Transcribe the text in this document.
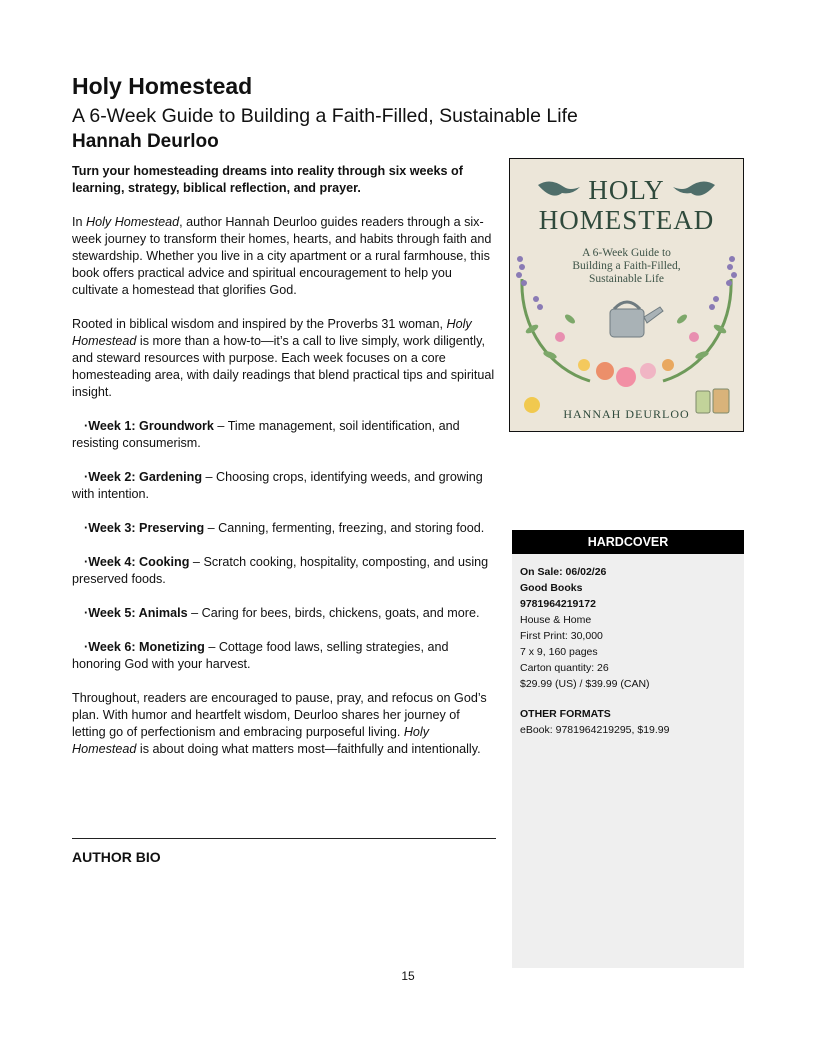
Holy Homestead
A 6-Week Guide to Building a Faith-Filled, Sustainable Life
Hannah Deurloo

Turn your homesteading dreams into reality through six weeks of learning, strategy, biblical reflection, and prayer.

In Holy Homestead, author Hannah Deurloo guides readers through a six-week journey to transform their homes, hearts, and habits through faith and stewardship. Whether you live in a city apartment or a rural farmhouse, this book offers practical advice and spiritual encouragement to help you cultivate a homestead that glorifies God.

Rooted in biblical wisdom and inspired by the Proverbs 31 woman, Holy Homestead is more than a how-to—it’s a call to live simply, work diligently, and steward resources with purpose. Each week focuses on a core homesteading area, with daily readings that blend practical tips and spiritual insight.

·Week 1: Groundwork – Time management, soil identification, and resisting consumerism.

·Week 2: Gardening – Choosing crops, identifying weeds, and growing with intention.

·Week 3: Preserving – Canning, fermenting, freezing, and storing food.

·Week 4: Cooking – Scratch cooking, hospitality, composting, and using preserved foods.

·Week 5: Animals – Caring for bees, birds, chickens, goats, and more.

·Week 6: Monetizing – Cottage food laws, selling strategies, and honoring God with your harvest.

Throughout, readers are encouraged to pause, pray, and refocus on God’s plan. With humor and heartfelt wisdom, Deurloo shares her journey of letting go of perfectionism and embracing purposeful living. Holy Homestead is about doing what matters most—faithfully and intentionally.

AUTHOR BIO
HOLY
HOMESTEAD
A 6-Week Guide to
Building a Faith-Filled,
Sustainable Life
HANNAH DEURLOO
HARDCOVER
On Sale: 06/02/26
Good Books
9781964219172
House & Home
First Print: 30,000
7 x 9, 160 pages
Carton quantity: 26
$29.99 (US) / $39.99 (CAN)
OTHER FORMATS
eBook: 9781964219295, $19.99
15
